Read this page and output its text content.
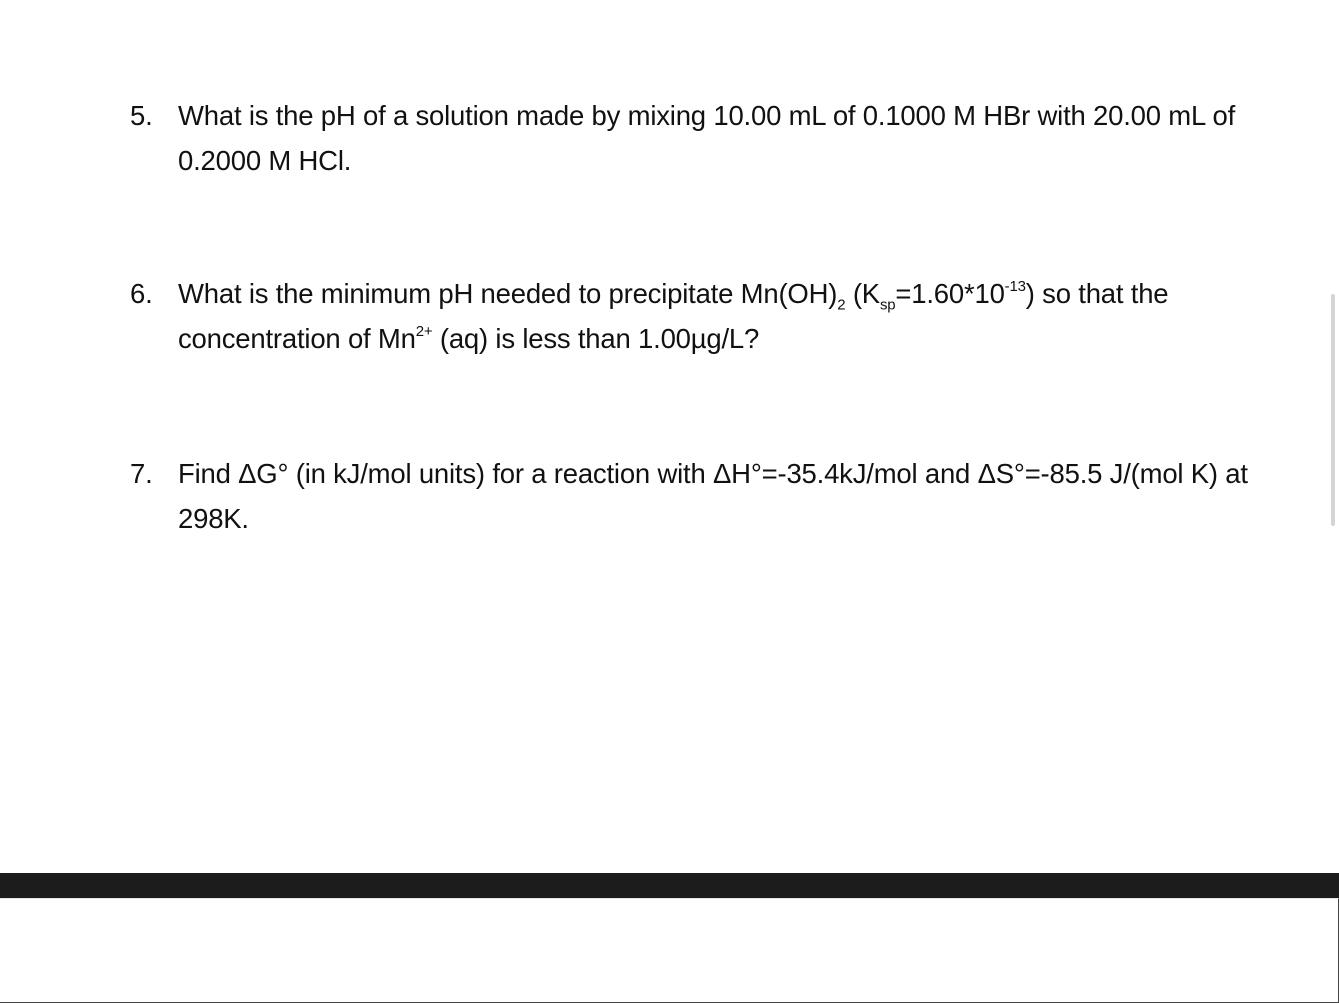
5. What is the pH of a solution made by mixing 10.00 mL of 0.1000 M HBr with 20.00 mL of 0.2000 M HCl.
6. What is the minimum pH needed to precipitate $Mn(OH)_2$ $(K_{sp}=1.60*10^{-13})$ so that the concentration of $Mn^{2+}$ (aq) is less than 1.00µg/L?
7. Find ΔG° (in kJ/mol units) for a reaction with ΔH°=-35.4kJ/mol and ΔS°=-85.5 J/(mol K) at 298K.
